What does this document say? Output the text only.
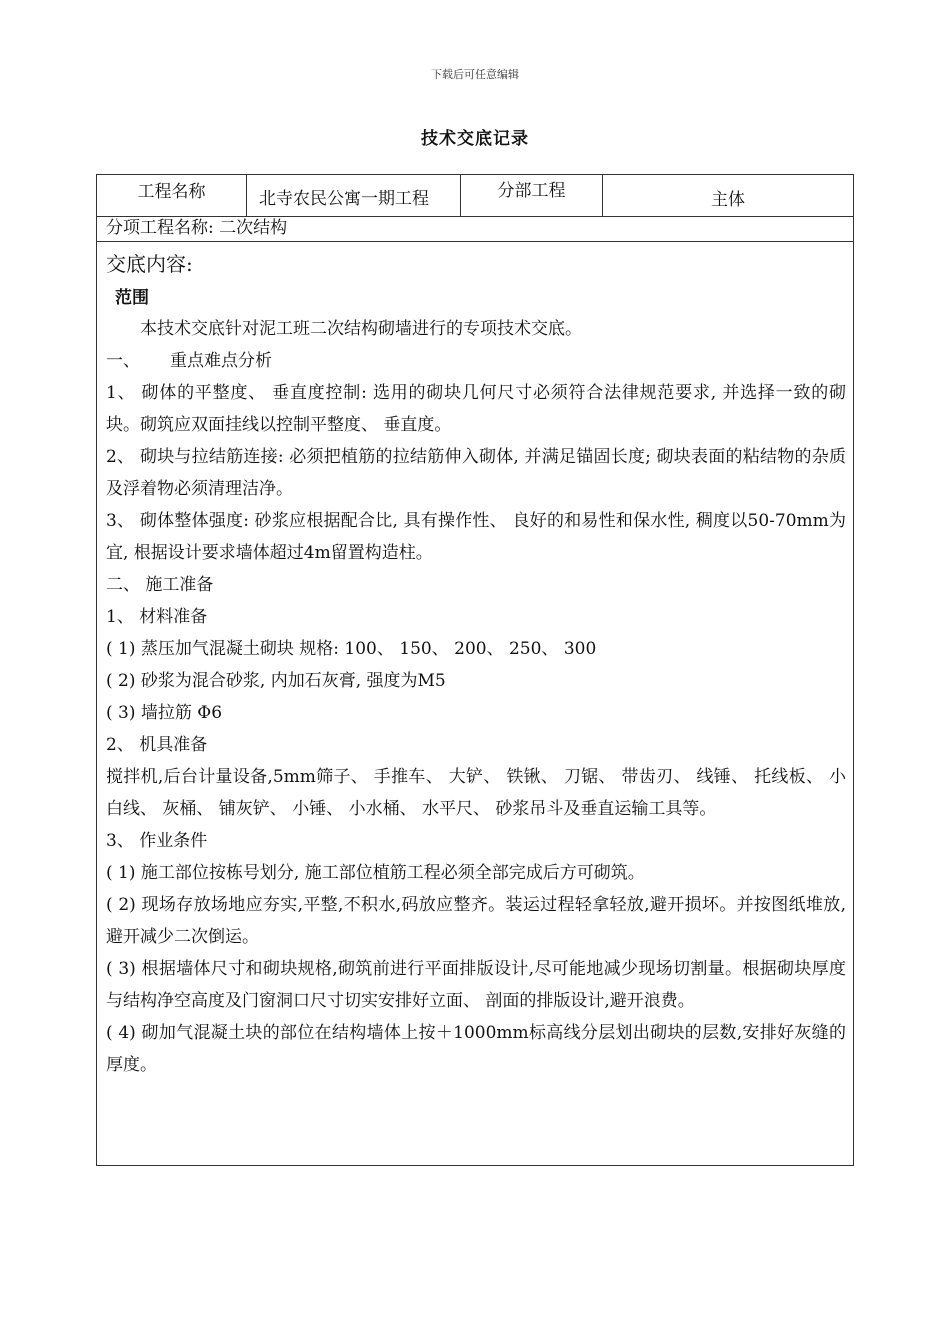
下载后可任意编辑
技术交底记录
工程名称	北寺农民公寓一期工程	分部工程	主体
分项工程名称: 二次结构
交底内容:
范围
本技术交底针对泥工班二次结构砌墙进行的专项技术交底。
一、 重点难点分析
1、 砌体的平整度、 垂直度控制: 选用的砌块几何尺寸必须符合法律规范要求, 并选择一致的砌块。砌筑应双面挂线以控制平整度、 垂直度。
2、 砌块与拉结筋连接: 必须把植筋的拉结筋伸入砌体, 并满足锚固长度; 砌块表面的粘结物的杂质及浮着物必须清理洁净。
3、 砌体整体强度: 砂浆应根据配合比, 具有操作性、 良好的和易性和保水性, 稠度以50-70mm为宜, 根据设计要求墙体超过4m留置构造柱。
二、 施工准备
1、 材料准备
( 1) 蒸压加气混凝土砌块 规格: 100、 150、 200、 250、 300
( 2) 砂浆为混合砂浆, 内加石灰膏, 强度为M5
( 3) 墙拉筋 Φ6
2、 机具准备
搅拌机,后台计量设备,5mm筛子、 手推车、 大铲、 铁锹、 刀锯、 带齿刃、 线锤、 托线板、 小白线、 灰桶、 铺灰铲、 小锤、 小水桶、 水平尺、 砂浆吊斗及垂直运输工具等。
3、 作业条件
( 1) 施工部位按栋号划分, 施工部位植筋工程必须全部完成后方可砌筑。
( 2) 现场存放场地应夯实,平整,不积水,码放应整齐。装运过程轻拿轻放,避开损坏。并按图纸堆放,避开减少二次倒运。
( 3) 根据墙体尺寸和砌块规格,砌筑前进行平面排版设计,尽可能地减少现场切割量。根据砌块厚度与结构净空高度及门窗洞口尺寸切实安排好立面、 剖面的排版设计,避开浪费。
( 4) 砌加气混凝土块的部位在结构墙体上按＋1000mm标高线分层划出砌块的层数,安排好灰缝的厚度。
